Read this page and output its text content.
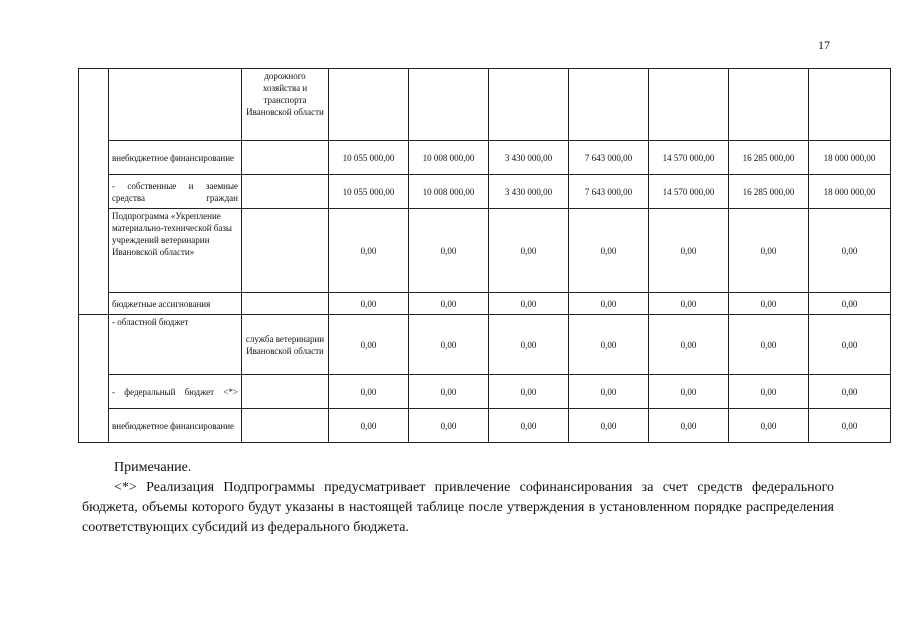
17
		дорожного хозяйства и транспорта Ивановской области							
	внебюджетное финансирование		10 055 000,00	10 008 000,00	3 430 000,00	7 643 000,00	14 570 000,00	16 285 000,00	18 000 000,00
	- собственные и заемные средства граждан		10 055 000,00	10 008 000,00	3 430 000,00	7 643 000,00	14 570 000,00	16 285 000,00	18 000 000,00
	Подпрограмма «Укрепление материально-технической базы учреждений ветеринарии Ивановской области»		0,00	0,00	0,00	0,00	0,00	0,00	0,00
	бюджетные ассигнования		0,00	0,00	0,00	0,00	0,00	0,00	0,00
	- областной бюджет	служба ветеринарии Ивановской области	0,00	0,00	0,00	0,00	0,00	0,00	0,00
	- федеральный бюджет <*>		0,00	0,00	0,00	0,00	0,00	0,00	0,00
	внебюджетное финансирование		0,00	0,00	0,00	0,00	0,00	0,00	0,00

Примечание.

<*> Реализация Подпрограммы предусматривает привлечение софинансирования за счет средств федерального бюджета, объемы которого будут указаны в настоящей таблице после утверждения в установленном порядке распределения соответствующих субсидий из федерального бюджета.
